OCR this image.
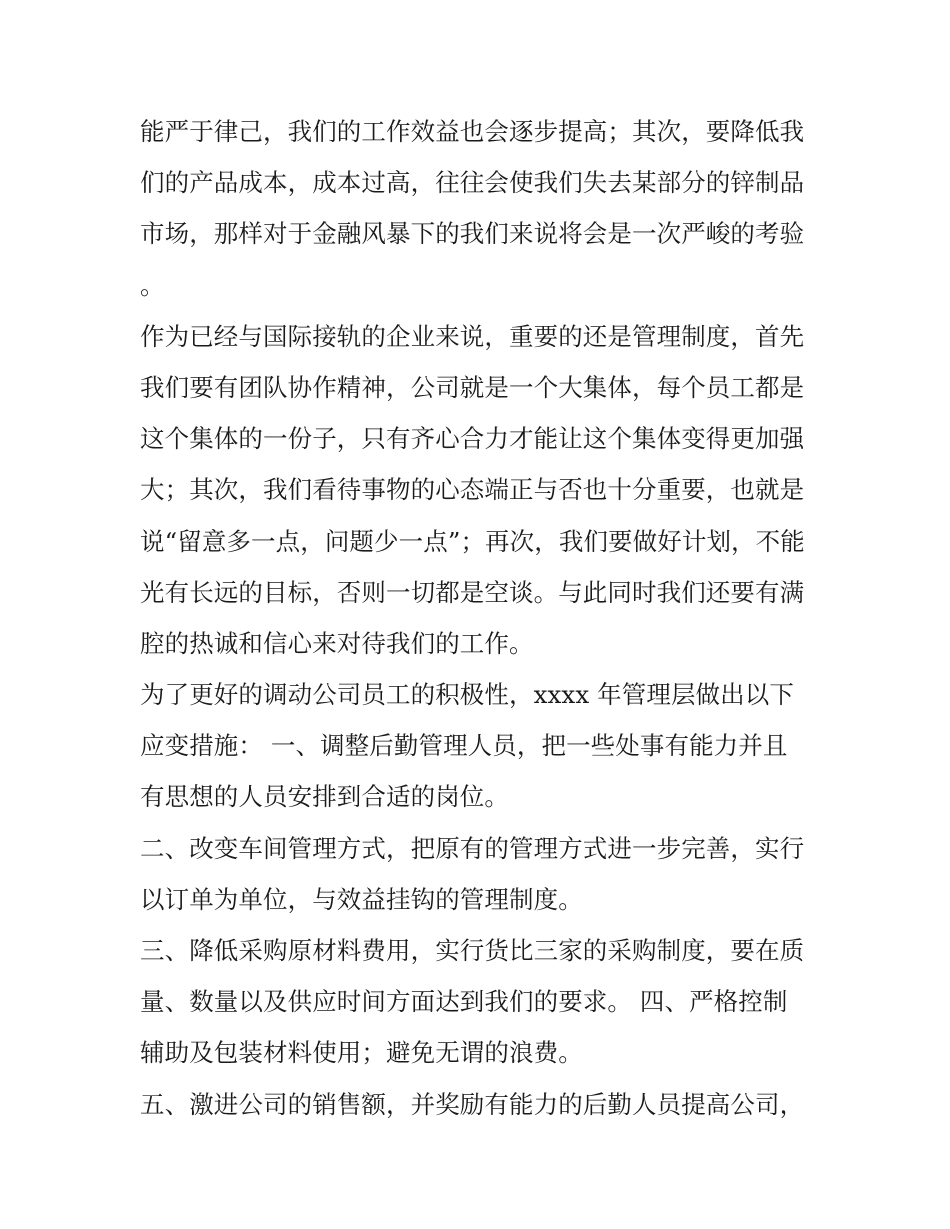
能严于律己，我们的工作效益也会逐步提高；其次，要降低我
们的产品成本，成本过高，往往会使我们失去某部分的锌制品
市场，那样对于金融风暴下的我们来说将会是一次严峻的考验
。
作为已经与国际接轨的企业来说，重要的还是管理制度，首先
我们要有团队协作精神，公司就是一个大集体，每个员工都是
这个集体的一份子，只有齐心合力才能让这个集体变得更加强
大；其次，我们看待事物的心态端正与否也十分重要，也就是
说“留意多一点，问题少一点”；再次，我们要做好计划，不能
光有长远的目标，否则一切都是空谈。与此同时我们还要有满
腔的热诚和信心来对待我们的工作。
为了更好的调动公司员工的积极性，xxxx 年管理层做出以下
应变措施： 一、调整后勤管理人员，把一些处事有能力并且
有思想的人员安排到合适的岗位。
二、改变车间管理方式，把原有的管理方式进一步完善，实行
以订单为单位，与效益挂钩的管理制度。
三、降低采购原材料费用，实行货比三家的采购制度，要在质
量、数量以及供应时间方面达到我们的要求。 四、严格控制
辅助及包装材料使用；避免无谓的浪费。
五、激进公司的销售额，并奖励有能力的后勤人员提高公司，
